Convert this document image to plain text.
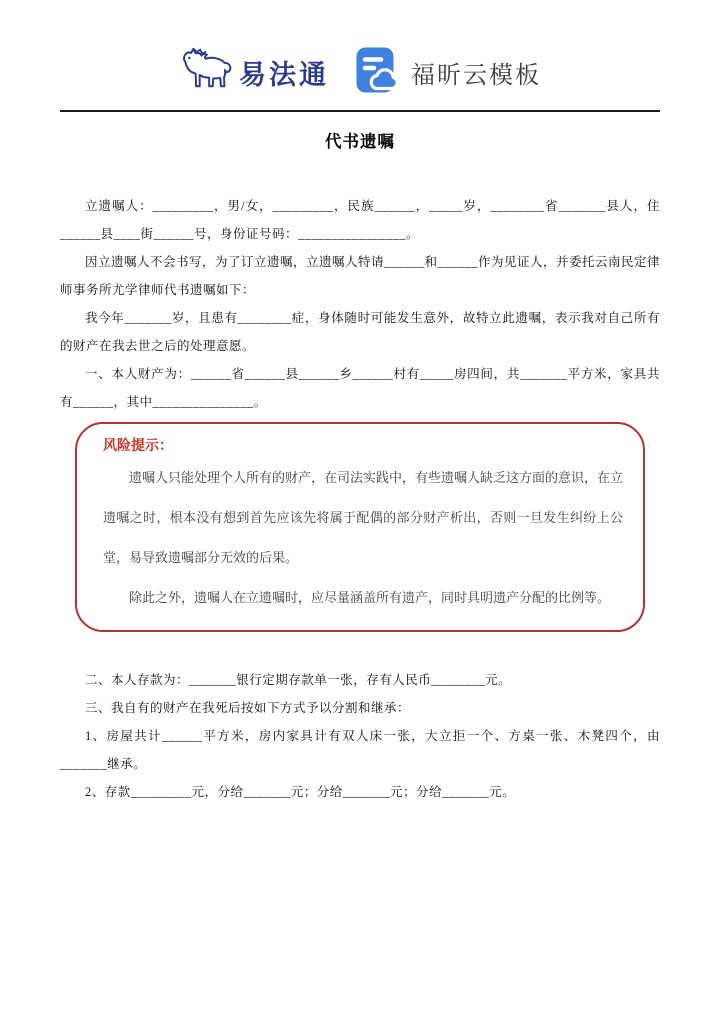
易法通	福昕云模板
代书遗嘱

立遗嘱人：_________，男/女，_________，民族______，_____岁，________省_______县人，住______县____街______号，身份证号码：________________。

因立遗嘱人不会书写，为了订立遗嘱，立遗嘱人特请______和______作为见证人，并委托云南民定律师事务所尤学律师代书遗嘱如下：

我今年_______岁，且患有________症，身体随时可能发生意外，故特立此遗嘱，表示我对自己所有的财产在我去世之后的处理意愿。

一、本人财产为：______省______县______乡______村有_____房四间，共_______平方米，家具共有______，其中_______________。

风险提示：

遗嘱人只能处理个人所有的财产，在司法实践中，有些遗嘱人缺乏这方面的意识，在立遗嘱之时，根本没有想到首先应该先将属于配偶的部分财产析出，否则一旦发生纠纷上公堂，易导致遗嘱部分无效的后果。

除此之外，遗嘱人在立遗嘱时，应尽量涵盖所有遗产，同时具明遗产分配的比例等。

二、本人存款为：_______银行定期存款单一张，存有人民币________元。

三、我自有的财产在我死后按如下方式予以分割和继承：

1、房屋共计______平方米，房内家具计有双人床一张，大立拒一个、方桌一张、木凳四个，由_______继承。

2、存款_________元，分给_______元；分给_______元；分给_______元。
